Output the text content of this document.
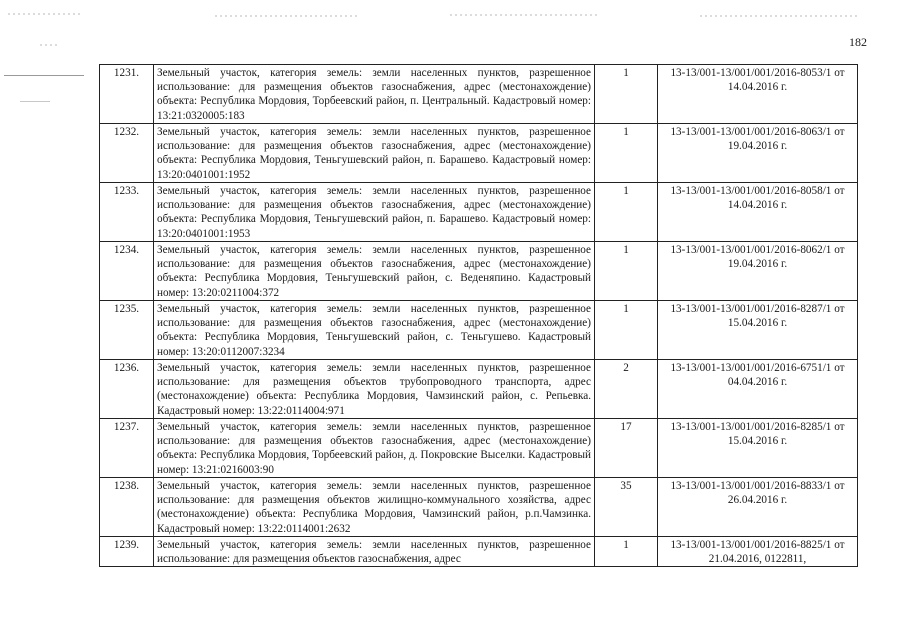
182
1231.	Земельный участок, категория земель: земли населенных пунктов, разрешенное использование: для размещения объектов газоснабжения, адрес (местонахождение) объекта: Республика Мордовия, Торбеевский район, п. Центральный. Кадастровый номер: 13:21:0320005:183	1	13-13/001-13/001/001/2016-8053/1 от 14.04.2016 г.
1232.	Земельный участок, категория земель: земли населенных пунктов, разрешенное использование: для размещения объектов газоснабжения, адрес (местонахождение) объекта: Республика Мордовия, Теньгушевский район, п. Барашево. Кадастровый номер: 13:20:0401001:1952	1	13-13/001-13/001/001/2016-8063/1 от 19.04.2016 г.
1233.	Земельный участок, категория земель: земли населенных пунктов, разрешенное использование: для размещения объектов газоснабжения, адрес (местонахождение) объекта: Республика Мордовия, Теньгушевский район, п. Барашево. Кадастровый номер: 13:20:0401001:1953	1	13-13/001-13/001/001/2016-8058/1 от 14.04.2016 г.
1234.	Земельный участок, категория земель: земли населенных пунктов, разрешенное использование: для размещения объектов газоснабжения, адрес (местонахождение) объекта: Республика Мордовия, Теньгушевский район, с. Веденяпино. Кадастровый номер: 13:20:0211004:372	1	13-13/001-13/001/001/2016-8062/1 от 19.04.2016 г.
1235.	Земельный участок, категория земель: земли населенных пунктов, разрешенное использование: для размещения объектов газоснабжения, адрес (местонахождение) объекта: Республика Мордовия, Теньгушевский район, с. Теньгушево. Кадастровый номер: 13:20:0112007:3234	1	13-13/001-13/001/001/2016-8287/1 от 15.04.2016 г.
1236.	Земельный участок, категория земель: земли населенных пунктов, разрешенное использование: для размещения объектов трубопроводного транспорта, адрес (местонахождение) объекта: Республика Мордовия, Чамзинский район, с. Репьевка. Кадастровый номер: 13:22:0114004:971	2	13-13/001-13/001/001/2016-6751/1 от 04.04.2016 г.
1237.	Земельный участок, категория земель: земли населенных пунктов, разрешенное использование: для размещения объектов газоснабжения, адрес (местонахождение) объекта: Республика Мордовия, Торбеевский район, д. Покровские Выселки. Кадастровый номер: 13:21:0216003:90	17	13-13/001-13/001/001/2016-8285/1 от 15.04.2016 г.
1238.	Земельный участок, категория земель: земли населенных пунктов, разрешенное использование: для размещения объектов жилищно-коммунального хозяйства, адрес (местонахождение) объекта: Республика Мордовия, Чамзинский район, р.п.Чамзинка. Кадастровый номер: 13:22:0114001:2632	35	13-13/001-13/001/001/2016-8833/1 от 26.04.2016 г.
1239.	Земельный участок, категория земель: земли населенных пунктов, разрешенное использование: для размещения объектов газоснабжения, адрес	1	13-13/001-13/001/001/2016-8825/1 от 21.04.2016, 0122811,
